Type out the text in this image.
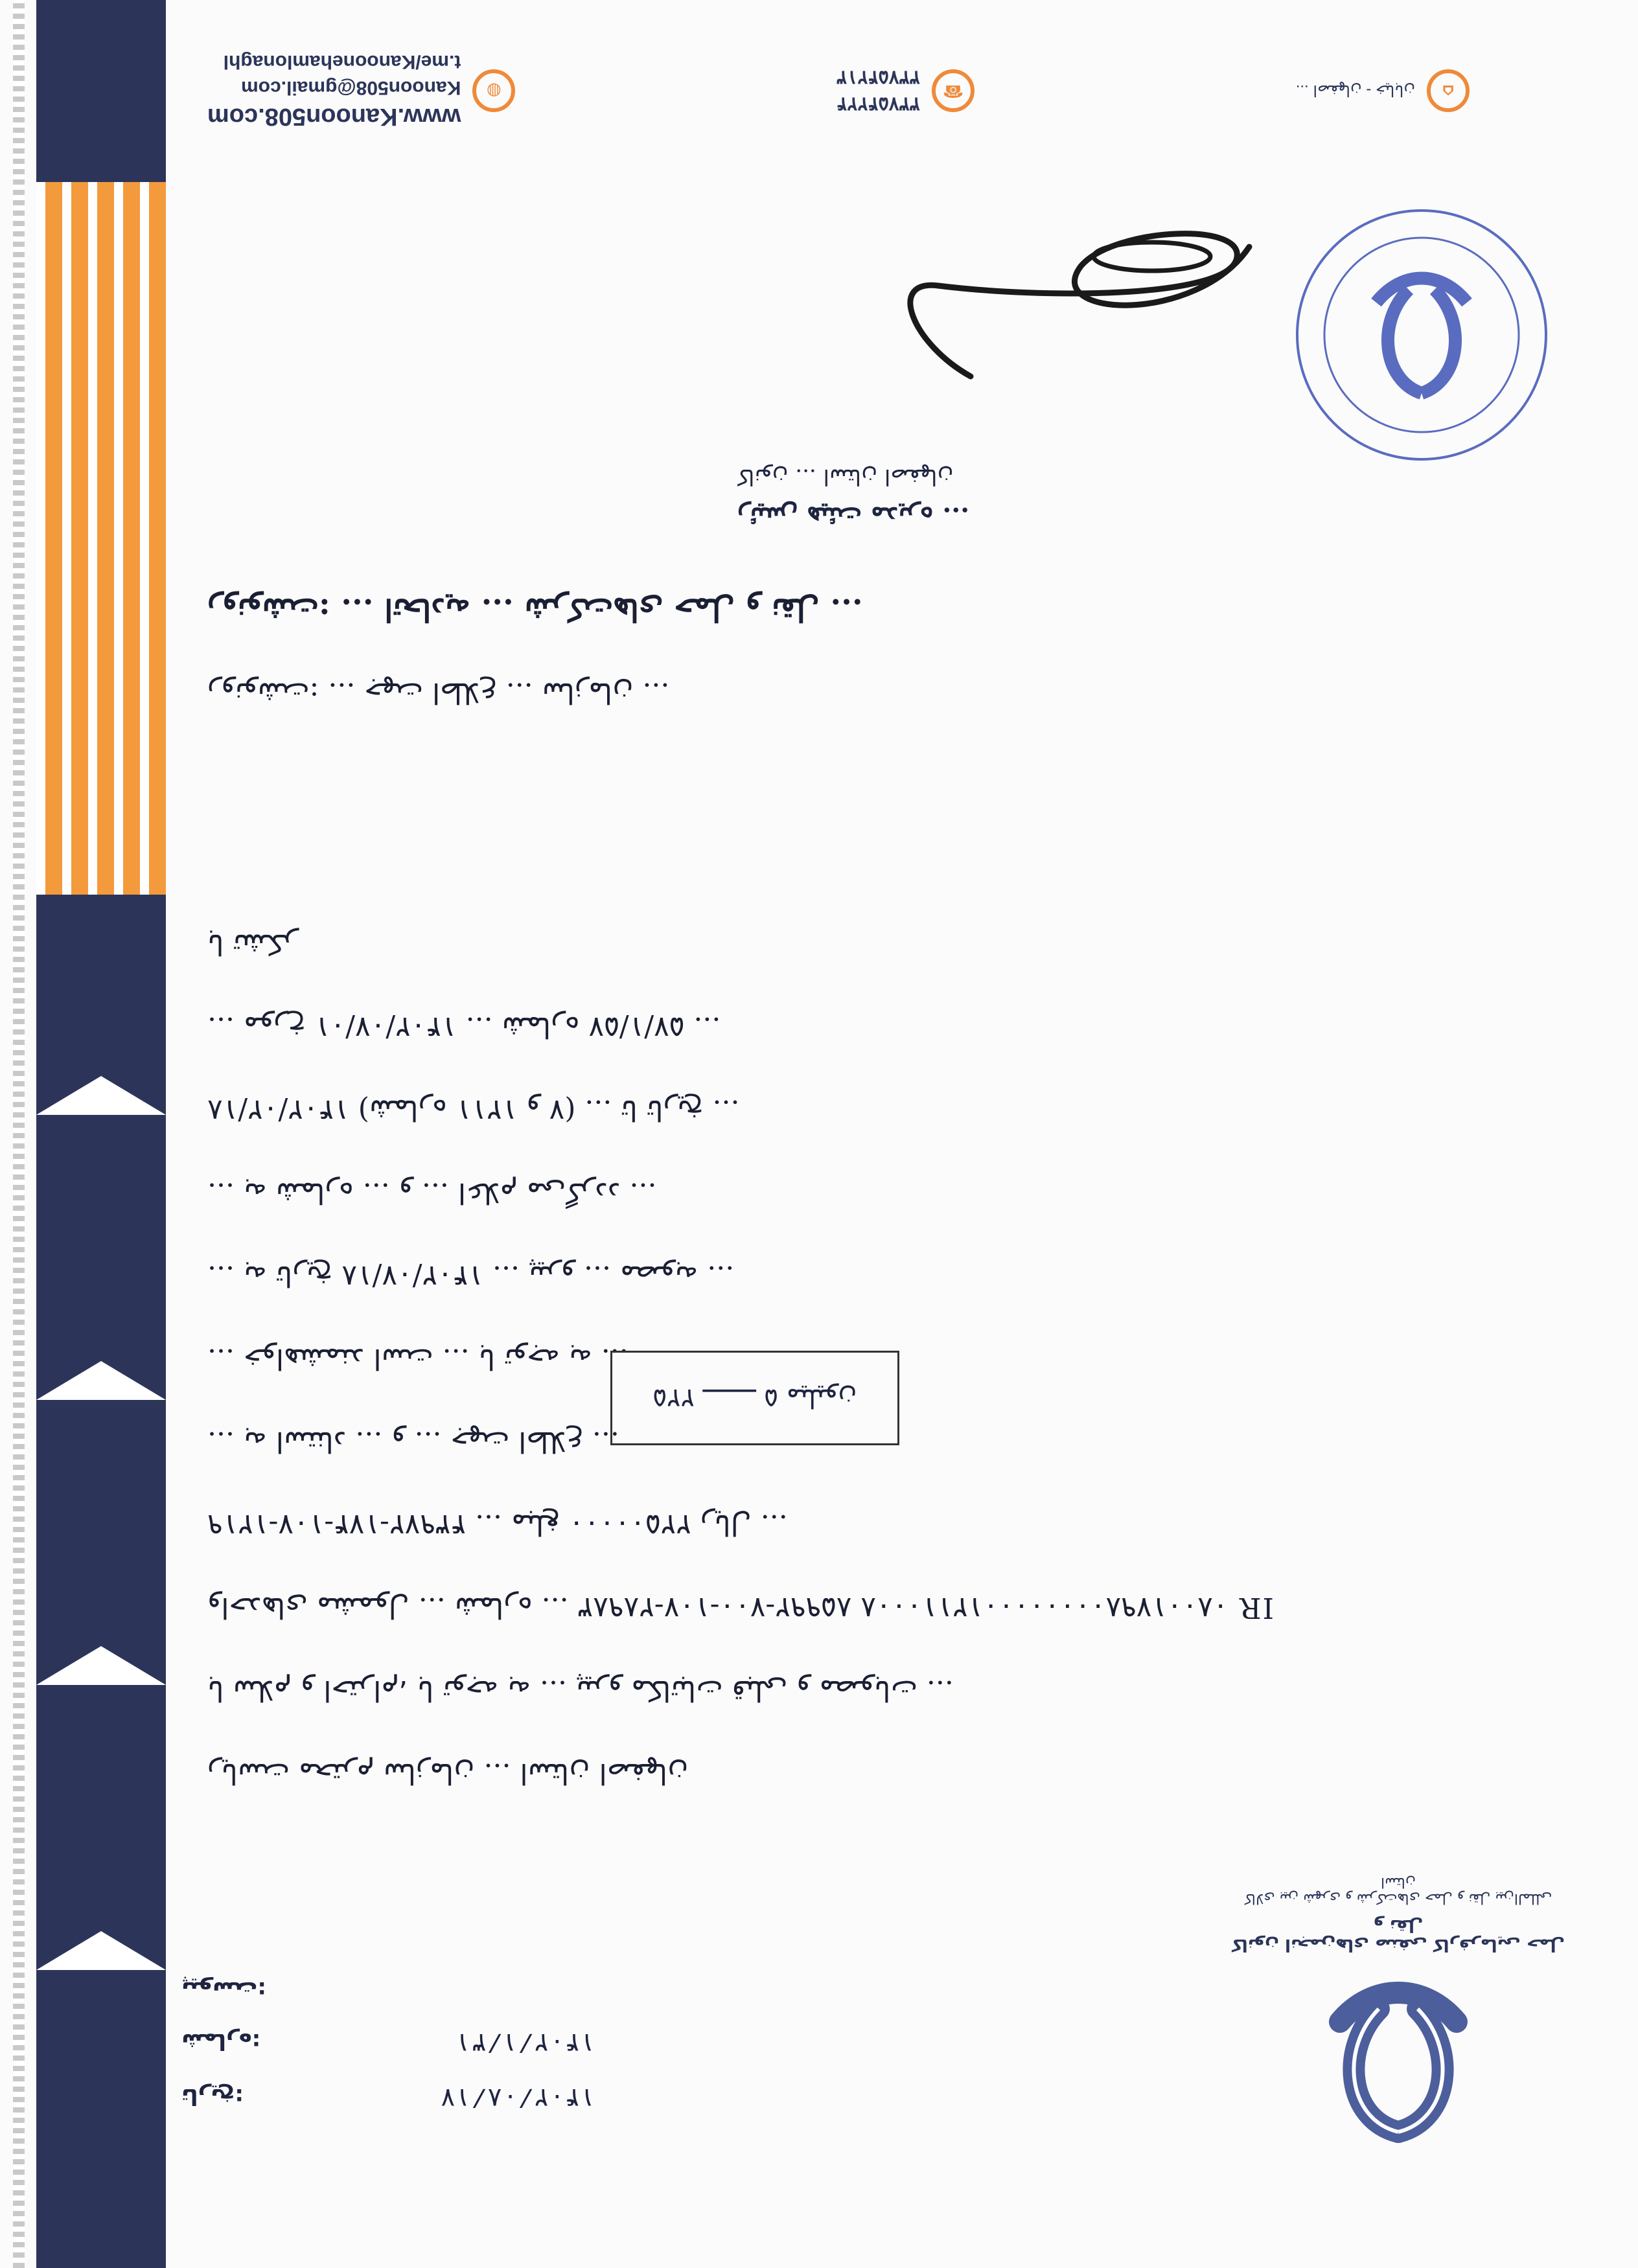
کانون انجمن‌های صنفی کارفرمایی حمل و نقل
کالای بین شهری و شرکت‌های حمل و نقل بین‌المللی استان
تاریخ:	۱۴۰۲/۰۸/۱۷
شماره:	۱۴۰۲/۱/۳۱
پیوست:
ریاست محترم سازمان ... استان اصفهان
با سلام و احترام، با توجه به ... پیرو مکاتبات قبلی و مصوبات ...
واحدهای مشمول ... شماره ... IR ۰۸۰۰۱۷۹۸۰۰۰۰۰۰۰۰۱۲۱۱۰۰۰۸ ۸۵۹۹۲-۷۰۰-۱۰۷-۲۸۹۸۳
۴۳۹۷۲-۱۷۴-۱۰۷-۱۲۱۹ ... مبلغ ۲۲۵۰۰۰۰۰ ریال ...
... به استناد ... و ... جهت اطلاع ...
... خواهشمند است ... با توجه به ...
... به تاریخ ۱۴۰۲/۰۷/۱۸ ... پیرو ... مصوبه ...
... به شماره ... و ... اعلام می‌گردد ...
۱۴۰۲/۰۲/۱۸ (شماره ۱۲۱۱ و ۷) ... تا تاریخ ...
... مورخ ۱۴۰۲/۰۷/۰۱ ... شماره ۵۷/۱/۵۷ ...
با تشکر
رونوشت: ... جهت اطلاع ... سازمان ...
رونوشت: ... اتحادیه ... شرکت‌های حمل و نقل ...
۲۲۵ ـــــــ ۵ میلیون
رئیس هیئت مدیره ...
کانون ... استان اصفهان
⌂
اصفهان - خیابان ...
☎
۳۳۷۵۴۲۲۴
۳۳۷۵۴۲۱۳
◍
www.Kanoon508.com
Kanoon508@gmail.com
t.me/Kanoonehamlonaghl
